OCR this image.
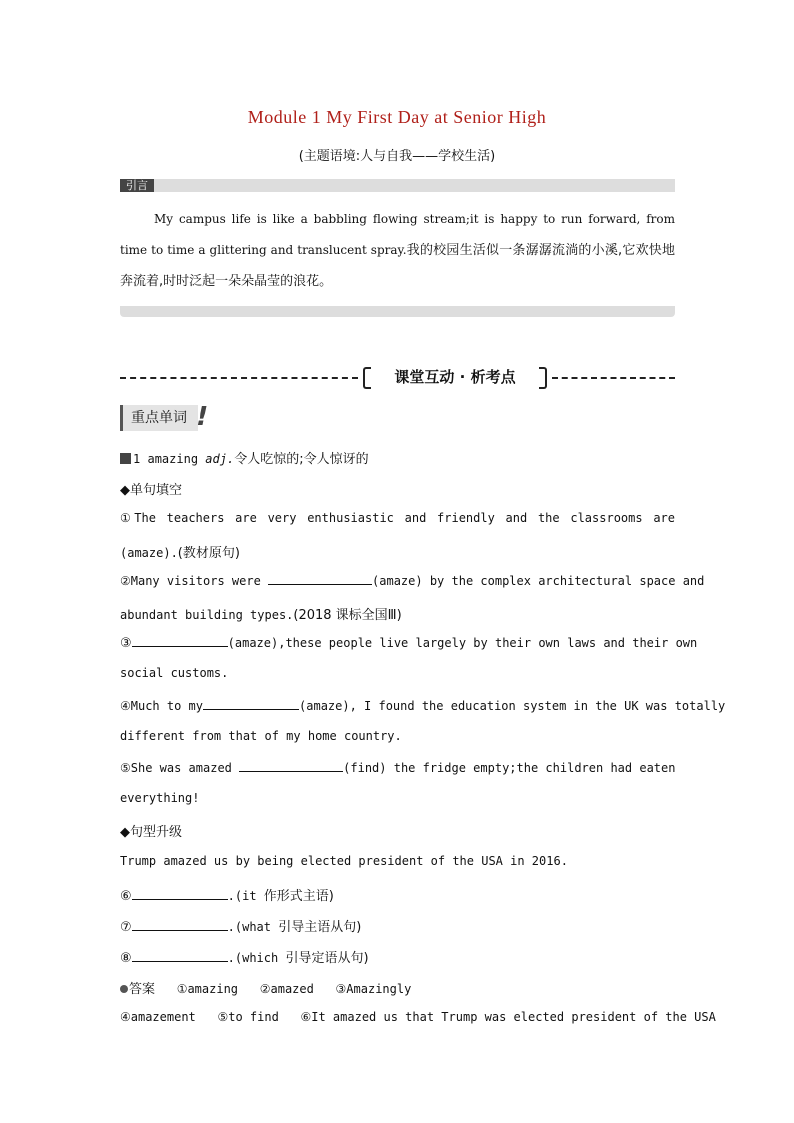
Module 1 My First Day at Senior High
(主题语境:人与自我——学校生活)
引言
My campus life is like a babbling flowing stream;it is happy to run forward, from time to time a glittering and translucent spray.我的校园生活似一条潺潺流淌的小溪,它欢快地奔流着,时时泛起一朵朵晶莹的浪花。
课堂互动 · 析考点
重点单词 !
1 amazing adj.令人吃惊的;令人惊讶的
◆单句填空
①The teachers are very enthusiastic and friendly and the classrooms are
(amaze).(教材原句)
②Many visitors were	(amaze) by the complex architectural space and
abundant building types.(2018 课标全国Ⅲ)
③	(amaze),these people live largely by their own laws and their own
social customs.
④Much to my	(amaze), I found the education system in the UK was totally
different from that of my home country.
⑤She was amazed	(find) the fridge empty;the children had eaten
everything!
◆句型升级
Trump amazed us by being elected president of the USA in 2016.
⑥	.(it 作形式主语)
⑦	.(what 引导主语从句)
⑧	.(which 引导定语从句)
答案 ①amazing ②amazed ③Amazingly
④amazement ⑤to find ⑥It amazed us that Trump was elected president of the USA
